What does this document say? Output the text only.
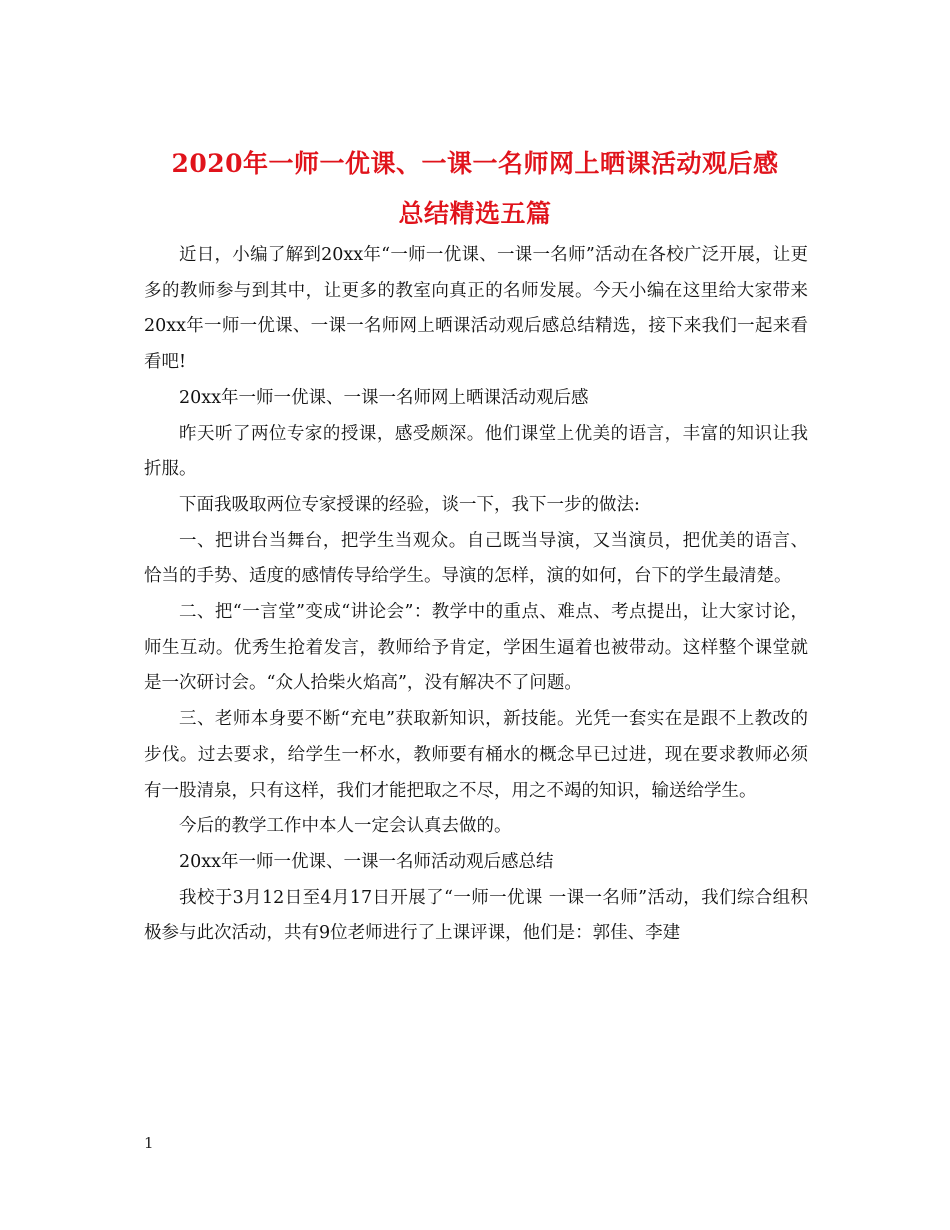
2020年一师一优课、一课一名师网上晒课活动观后感
总结精选五篇

近日，小编了解到20xx年“一师一优课、一课一名师”活动在各校广泛开展，让更多的教师参与到其中，让更多的教室向真正的名师发展。今天小编在这里给大家带来20xx年一师一优课、一课一名师网上晒课活动观后感总结精选，接下来我们一起来看看吧!

20xx年一师一优课、一课一名师网上晒课活动观后感

昨天听了两位专家的授课，感受颇深。他们课堂上优美的语言，丰富的知识让我折服。

下面我吸取两位专家授课的经验，谈一下，我下一步的做法:

一、把讲台当舞台，把学生当观众。自己既当导演，又当演员，把优美的语言、恰当的手势、适度的感情传导给学生。导演的怎样，演的如何，台下的学生最清楚。

二、把“一言堂”变成“讲论会”：教学中的重点、难点、考点提出，让大家讨论，师生互动。优秀生抢着发言，教师给予肯定，学困生逼着也被带动。这样整个课堂就是一次研讨会。“众人拾柴火焰高”，没有解决不了问题。

三、老师本身要不断“充电”获取新知识，新技能。光凭一套实在是跟不上教改的步伐。过去要求，给学生一杯水，教师要有桶水的概念早已过进，现在要求教师必须有一股清泉，只有这样，我们才能把取之不尽，用之不竭的知识，输送给学生。

今后的教学工作中本人一定会认真去做的。

20xx年一师一优课、一课一名师活动观后感总结

我校于3月12日至4月17日开展了“一师一优课 一课一名师”活动，我们综合组积极参与此次活动，共有9位老师进行了上课评课，他们是：郭佳、李建

1
